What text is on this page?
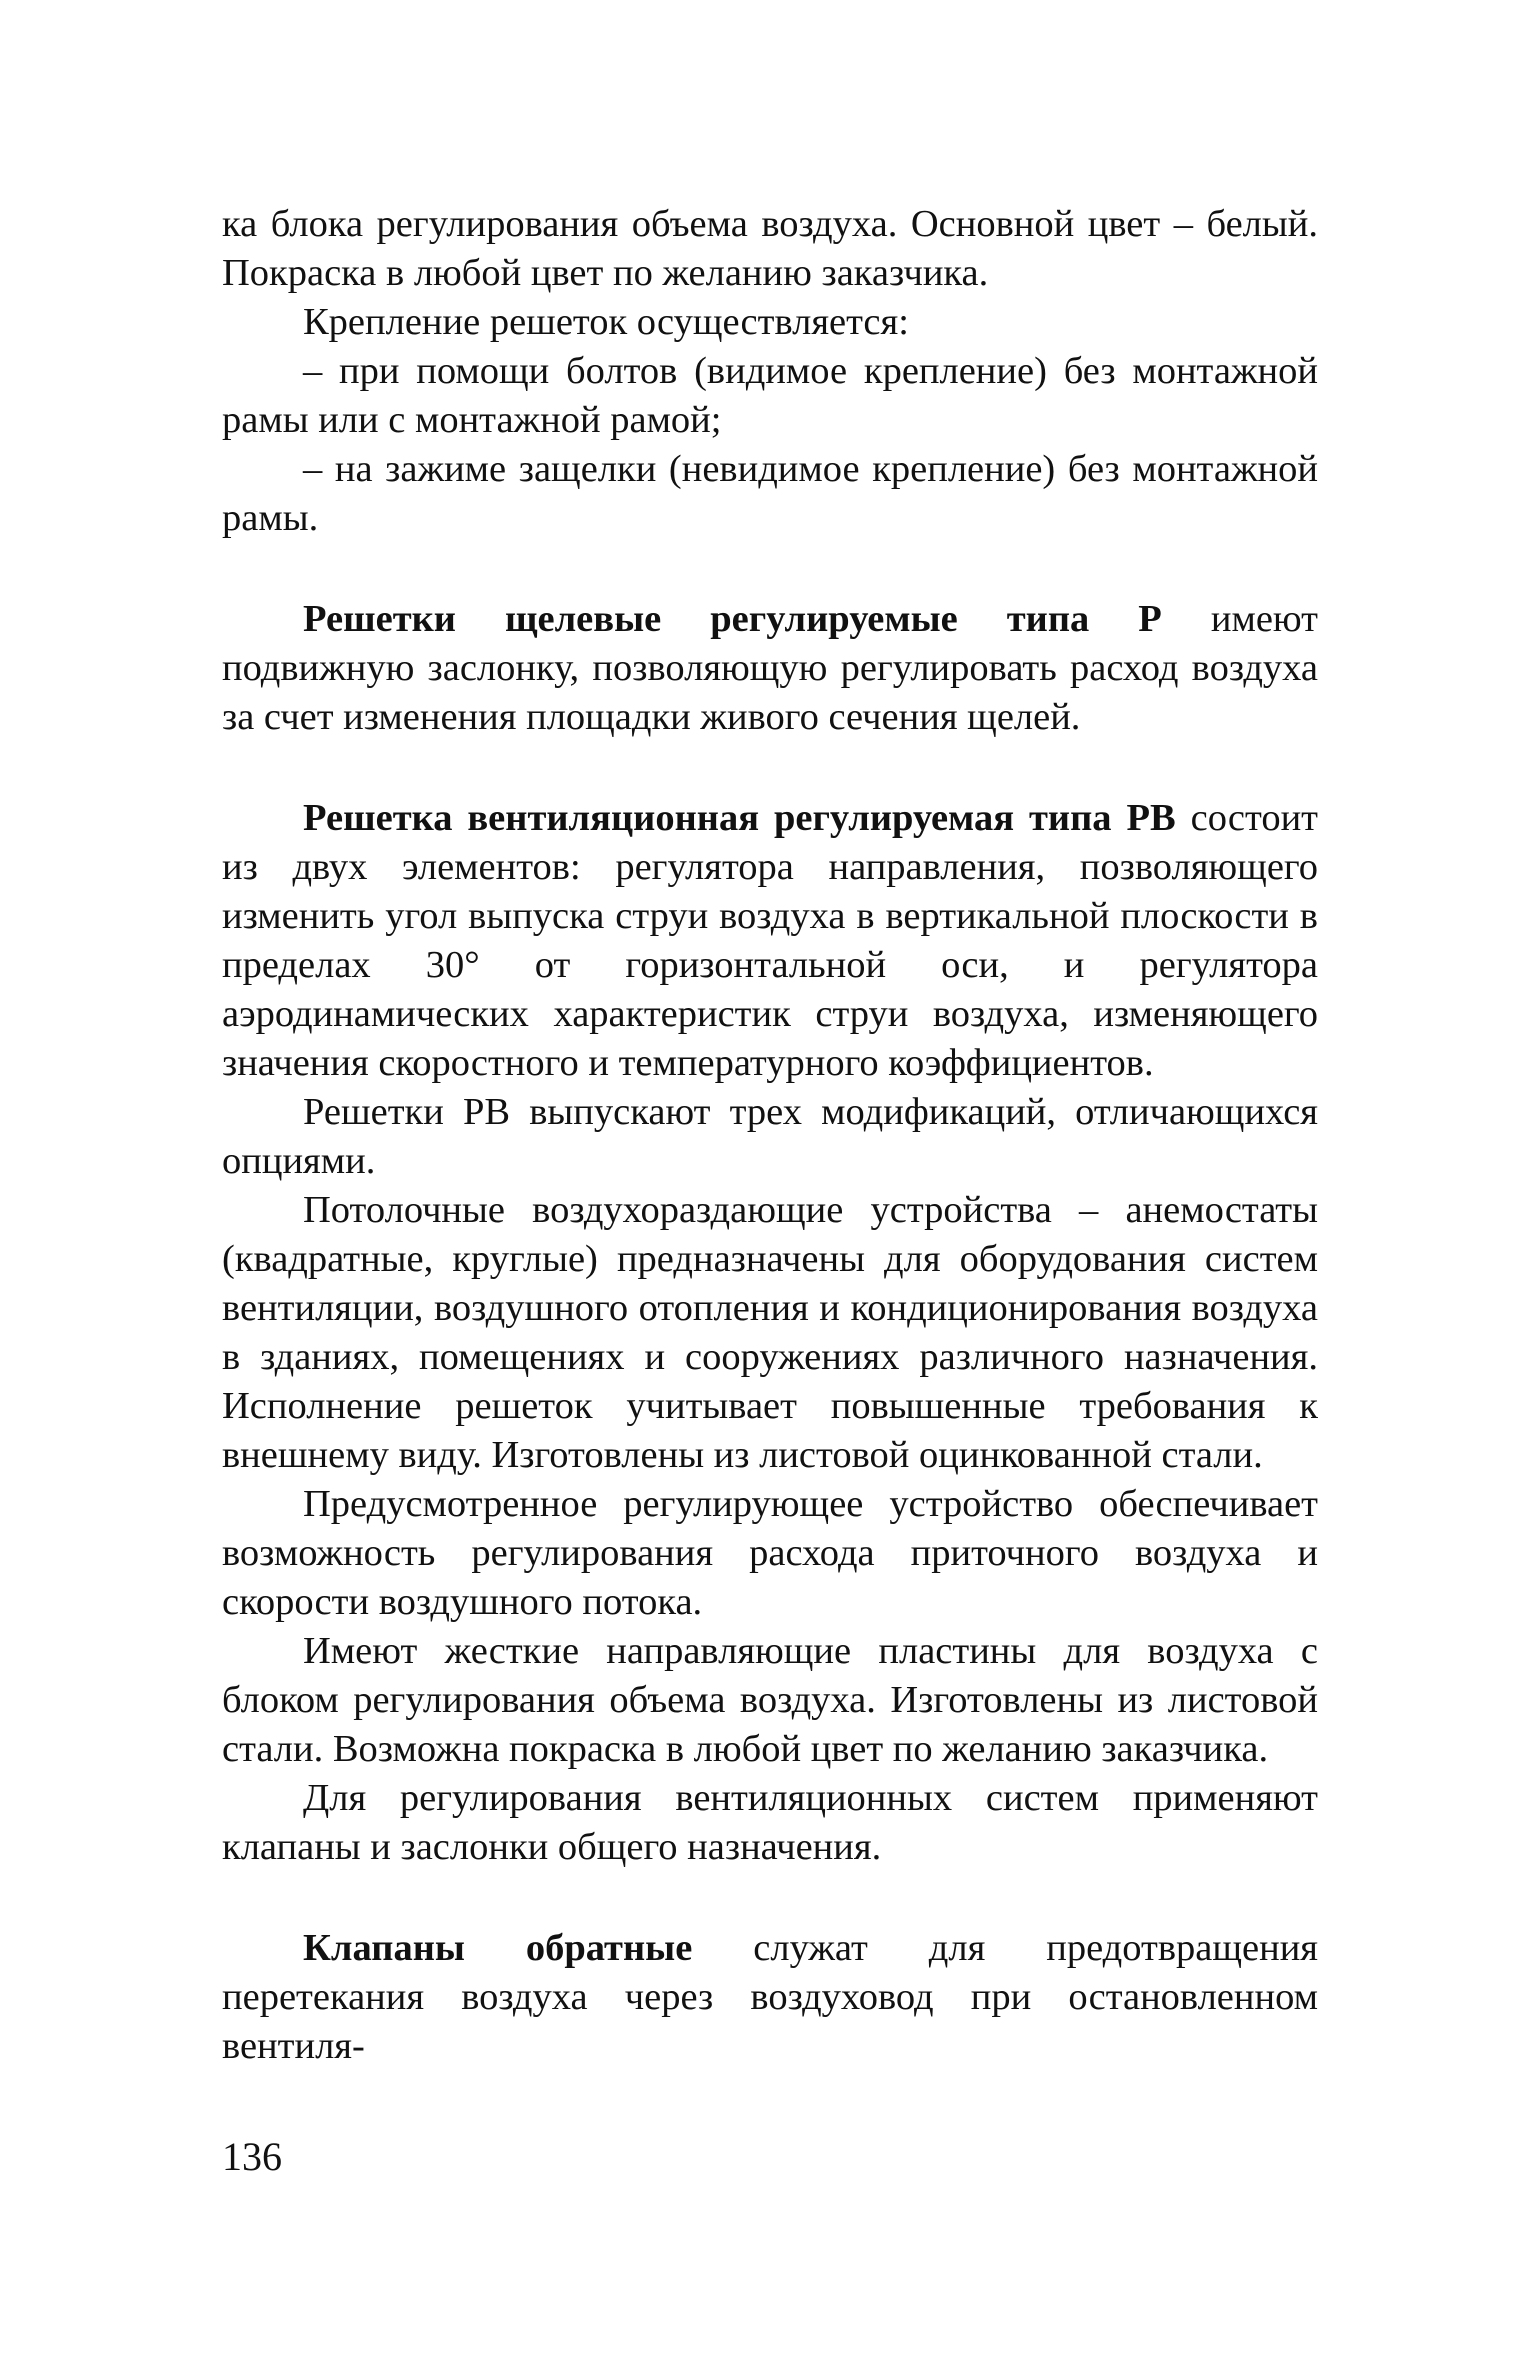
ка блока регулирования объема воздуха. Основной цвет – белый. Покраска в любой цвет по желанию заказчика.

Крепление решеток осуществляется:

– при помощи болтов (видимое крепление) без монтажной рамы или с монтажной рамой;

– на зажиме защелки (невидимое крепление) без монтажной рамы.

Решетки щелевые регулируемые типа Р имеют подвижную заслонку, позволяющую регулировать расход воздуха за счет изменения площадки живого сечения щелей.

Решетка вентиляционная регулируемая типа РВ состоит из двух элементов: регулятора направления, позволяющего изменить угол выпуска струи воздуха в вертикальной плоскости в пределах 30° от горизонтальной оси, и регулятора аэродинамических характеристик струи воздуха, изменяющего значения скоростного и температурного коэффициентов.

Решетки РВ выпускают трех модификаций, отличающихся опциями.

Потолочные воздухораздающие устройства – анемостаты (квадратные, круглые) предназначены для оборудования систем вентиляции, воздушного отопления и кондиционирования воздуха в зданиях, помещениях и сооружениях различного назначения. Исполнение решеток учитывает повышенные требования к внешнему виду. Изготовлены из листовой оцинкованной стали.

Предусмотренное регулирующее устройство обеспечивает возможность регулирования расхода приточного воздуха и скорости воздушного потока.

Имеют жесткие направляющие пластины для воздуха с блоком регулирования объема воздуха. Изготовлены из листовой стали. Возможна покраска в любой цвет по желанию заказчика.

Для регулирования вентиляционных систем применяют клапаны и заслонки общего назначения.

Клапаны обратные служат для предотвращения перетекания воздуха через воздуховод при остановленном вентиля-

136
